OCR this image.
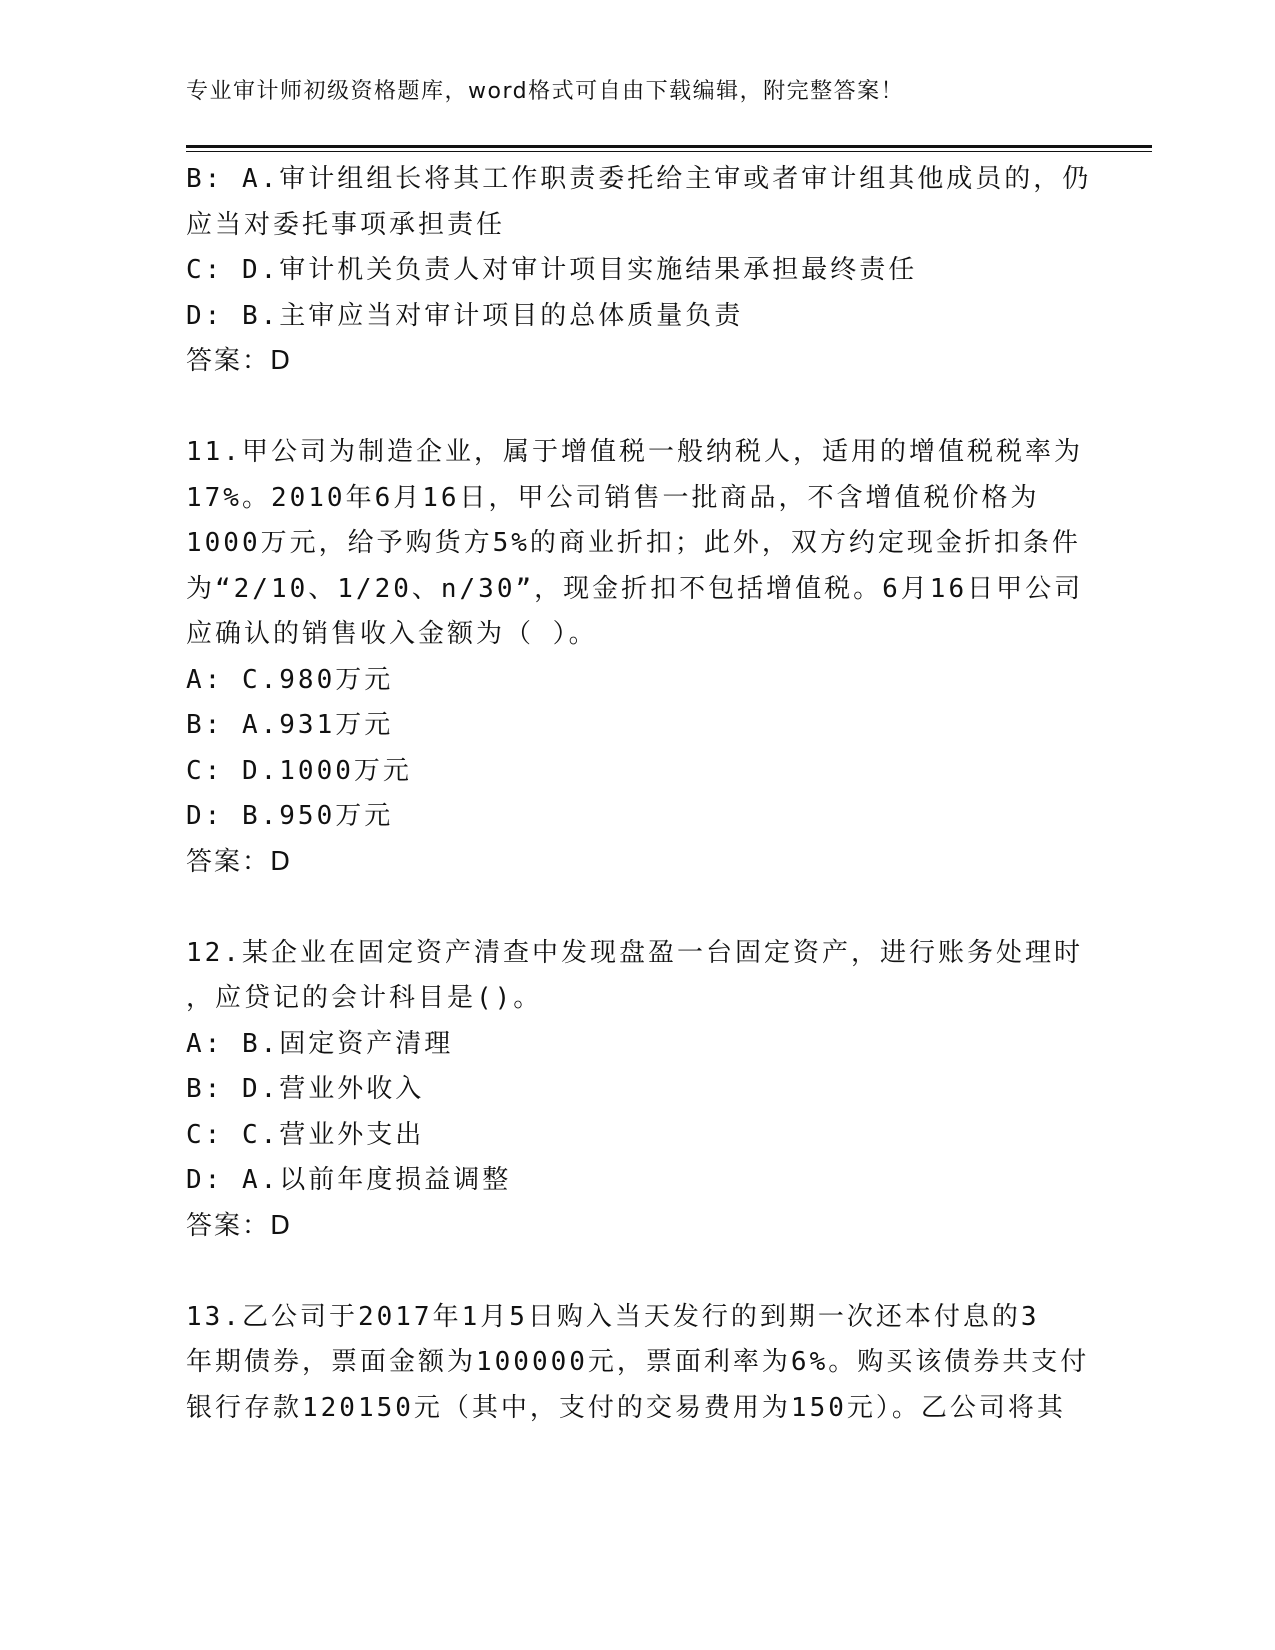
专业审计师初级资格题库，word格式可自由下载编辑，附完整答案！
B: A.审计组组长将其工作职责委托给主审或者审计组其他成员的，仍
应当对委托事项承担责任
C: D.审计机关负责人对审计项目实施结果承担最终责任
D: B.主审应当对审计项目的总体质量负责
答案：D
11.甲公司为制造企业，属于增值税一般纳税人，适用的增值税税率为
17%。2010年6月16日，甲公司销售一批商品，不含增值税价格为
1000万元，给予购货方5%的商业折扣；此外，双方约定现金折扣条件
为“2/10、1/20、n/30”，现金折扣不包括增值税。6月16日甲公司
应确认的销售收入金额为（ ）。
A: C.980万元
B: A.931万元
C: D.1000万元
D: B.950万元
答案：D
12.某企业在固定资产清查中发现盘盈一台固定资产，进行账务处理时
，应贷记的会计科目是()。
A: B.固定资产清理
B: D.营业外收入
C: C.营业外支出
D: A.以前年度损益调整
答案：D
13.乙公司于2017年1月5日购入当天发行的到期一次还本付息的3
年期债券，票面金额为100000元，票面利率为6%。购买该债券共支付
银行存款120150元（其中，支付的交易费用为150元）。乙公司将其
